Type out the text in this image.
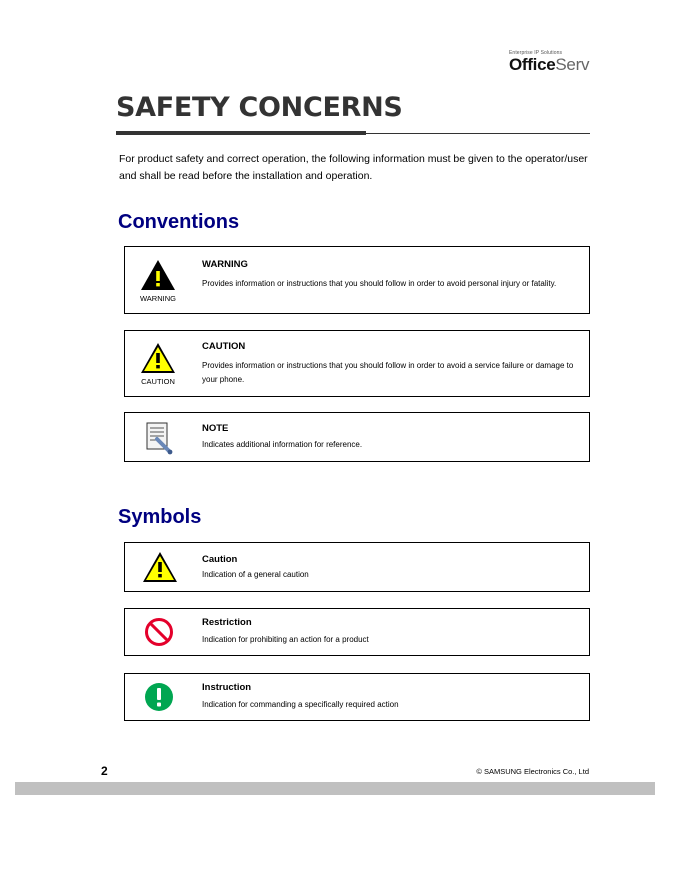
Enterprise IP Solutions
OfficeServ
SAFETY CONCERNS

For product safety and correct operation, the following information must be given to the operator/user and shall be read before the installation and operation.

Conventions
WARNING

WARNING

Provides information or instructions that you should follow in order to avoid personal injury or fatality.

CAUTION

CAUTION

Provides information or instructions that you should follow in order to avoid a service failure or damage to your phone.

NOTE

Indicates additional information for reference.

Symbols

Caution

Indication of a general caution

Restriction

Indication for prohibiting an action for a product

Instruction

Indication for commanding a specifically required action

2	© SAMSUNG Electronics Co., Ltd
